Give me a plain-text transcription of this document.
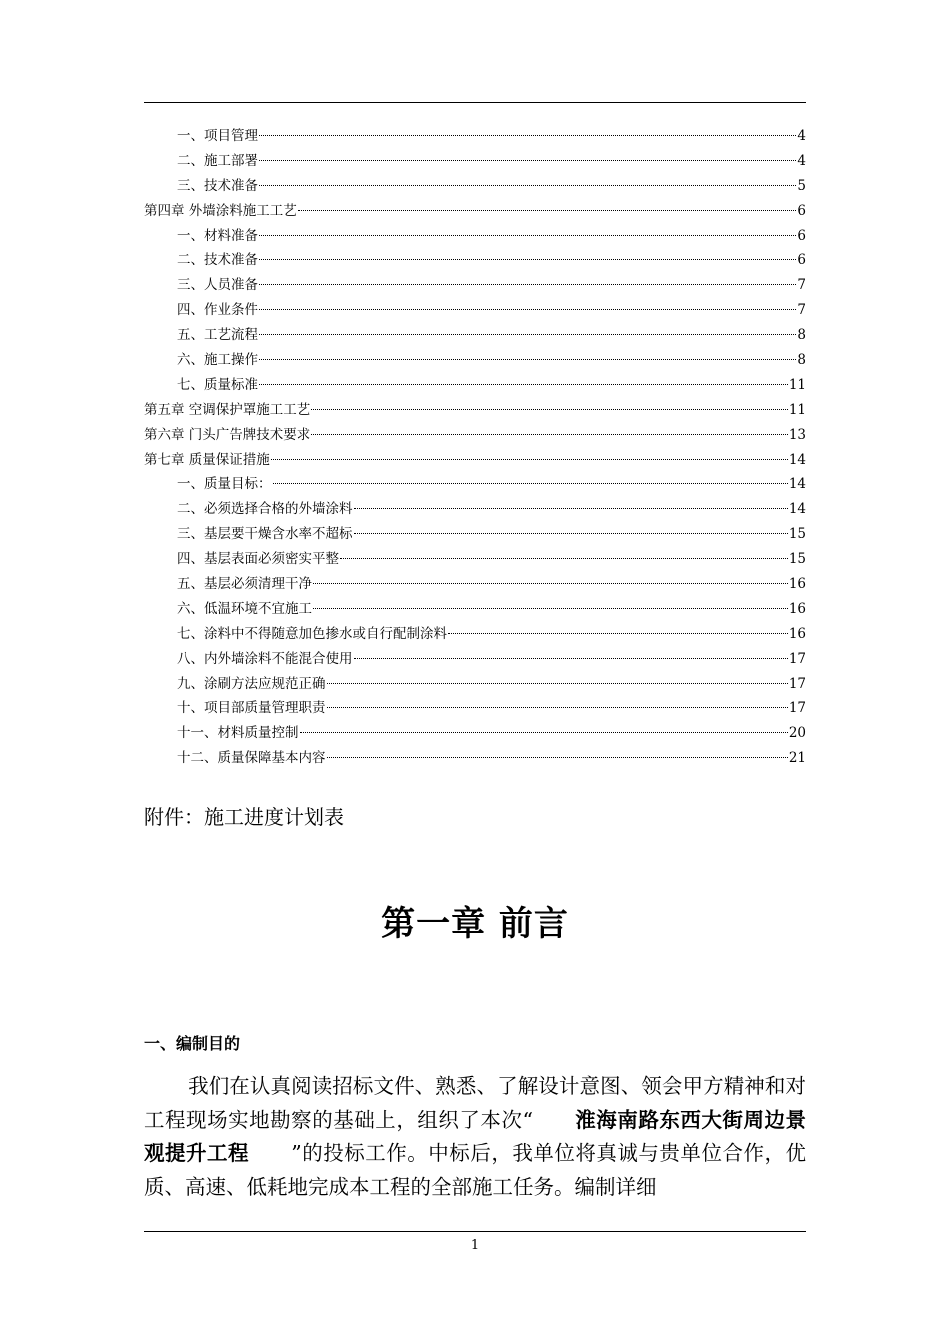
一、项目管理	4
二、施工部署	4
三、技术准备	5
第四章 外墙涂料施工工艺	6
一、材料准备	6
二、技术准备	6
三、人员准备	7
四、作业条件	7
五、工艺流程	8
六、施工操作	8
七、质量标准	11
第五章 空调保护罩施工工艺	11
第六章 门头广告牌技术要求	13
第七章 质量保证措施	14
一、质量目标：	14
二、必须选择合格的外墙涂料	14
三、基层要干燥含水率不超标	15
四、基层表面必须密实平整	15
五、基层必须清理干净	16
六、低温环境不宜施工	16
七、涂料中不得随意加色掺水或自行配制涂料	16
八、内外墙涂料不能混合使用	17
九、涂刷方法应规范正确	17
十、项目部质量管理职责	17
十一、材料质量控制	20
十二、质量保障基本内容	21
附件：施工进度计划表
第一章 前言
一、编制目的

我们在认真阅读招标文件、熟悉、了解设计意图、领会甲方精神和对工程现场实地勘察的基础上，组织了本次“ 淮海南路东西大街周边景观提升工程 ”的投标工作。中标后，我单位将真诚与贵单位合作，优质、高速、低耗地完成本工程的全部施工任务。编制详细

1
